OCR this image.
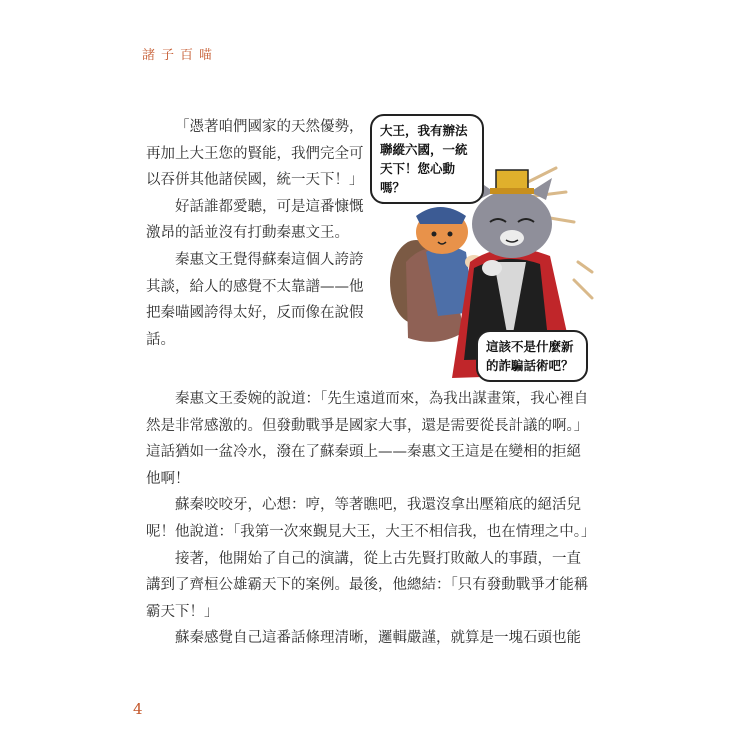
諸子百喵

「憑著咱們國家的天然優勢，再加上大王您的賢能，我們完全可以吞併其他諸侯國，統一天下！」

好話誰都愛聽，可是這番慷慨激昂的話並沒有打動秦惠文王。

秦惠文王覺得蘇秦這個人誇誇其談，給人的感覺不太靠譜——他把秦喵國誇得太好，反而像在說假話。

大王，我有辦法聯縱六國，一統天下！您心動嗎？
這該不是什麼新的詐騙話術吧？

秦惠文王委婉的說道：「先生遠道而來，為我出謀畫策，我心裡自然是非常感激的。但發動戰爭是國家大事，還是需要從長計議的啊。」這話猶如一盆冷水，潑在了蘇秦頭上——秦惠文王這是在變相的拒絕他啊！

蘇秦咬咬牙，心想：哼，等著瞧吧，我還沒拿出壓箱底的絕活兒呢！他說道：「我第一次來覲見大王，大王不相信我，也在情理之中。」

接著，他開始了自己的演講，從上古先賢打敗敵人的事蹟，一直講到了齊桓公雄霸天下的案例。最後，他總結：「只有發動戰爭才能稱霸天下！」

蘇秦感覺自己這番話條理清晰，邏輯嚴謹，就算是一塊石頭也能

4
